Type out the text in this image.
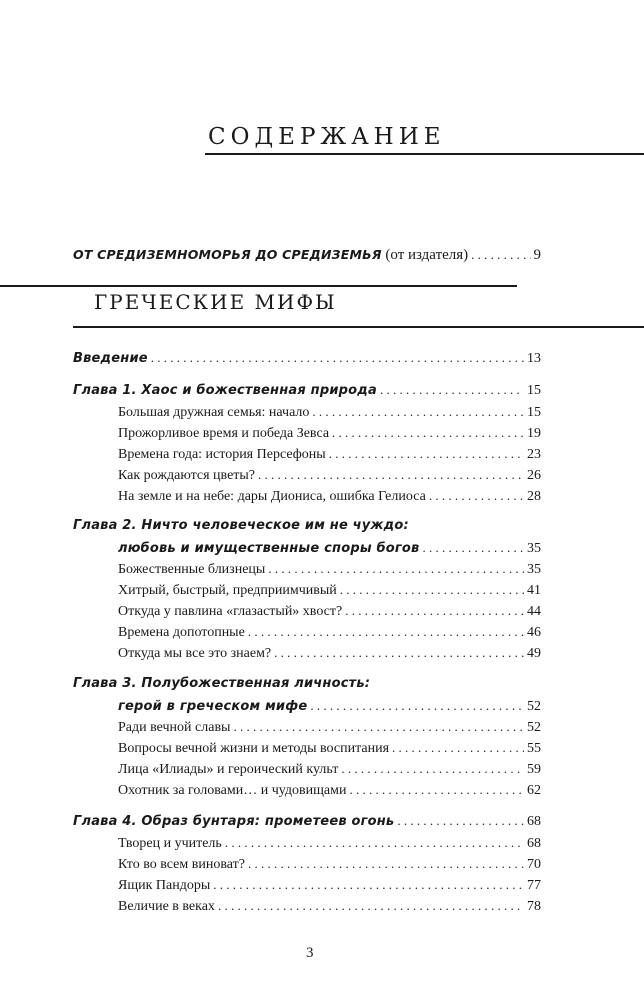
СОДЕРЖАНИЕ
ОТ СРЕДИЗЕМНОМОРЬЯ ДО СРЕДИЗЕМЬЯ (от издателя) . . .	9
ГРЕЧЕСКИЕ МИФЫ
Введение . . .	13
Глава 1. Хаос и божественная природа . . .	15
Большая дружная семья: начало . . .	15
Прожорливое время и победа Зевса . . .	19
Времена года: история Персефоны . . .	23
Как рождаются цветы? . . .	26
На земле и на небе: дары Диониса, ошибка Гелиоса . . .	28
Глава 2. Ничто человеческое им не чуждо:
любовь и имущественные споры богов . . .	35
Божественные близнецы . . .	35
Хитрый, быстрый, предприимчивый . . .	41
Откуда у павлина «глазастый» хвост? . . .	44
Времена допотопные . . .	46
Откуда мы все это знаем? . . .	49
Глава 3. Полубожественная личность:
герой в греческом мифе . . .	52
Ради вечной славы . . .	52
Вопросы вечной жизни и методы воспитания . . .	55
Лица «Илиады» и героический культ . . .	59
Охотник за головами… и чудовищами . . .	62
Глава 4. Образ бунтаря: прометеев огонь . . .	68
Творец и учитель . . .	68
Кто во всем виноват? . . .	70
Ящик Пандоры . . .	77
Величие в веках . . .	78
3
